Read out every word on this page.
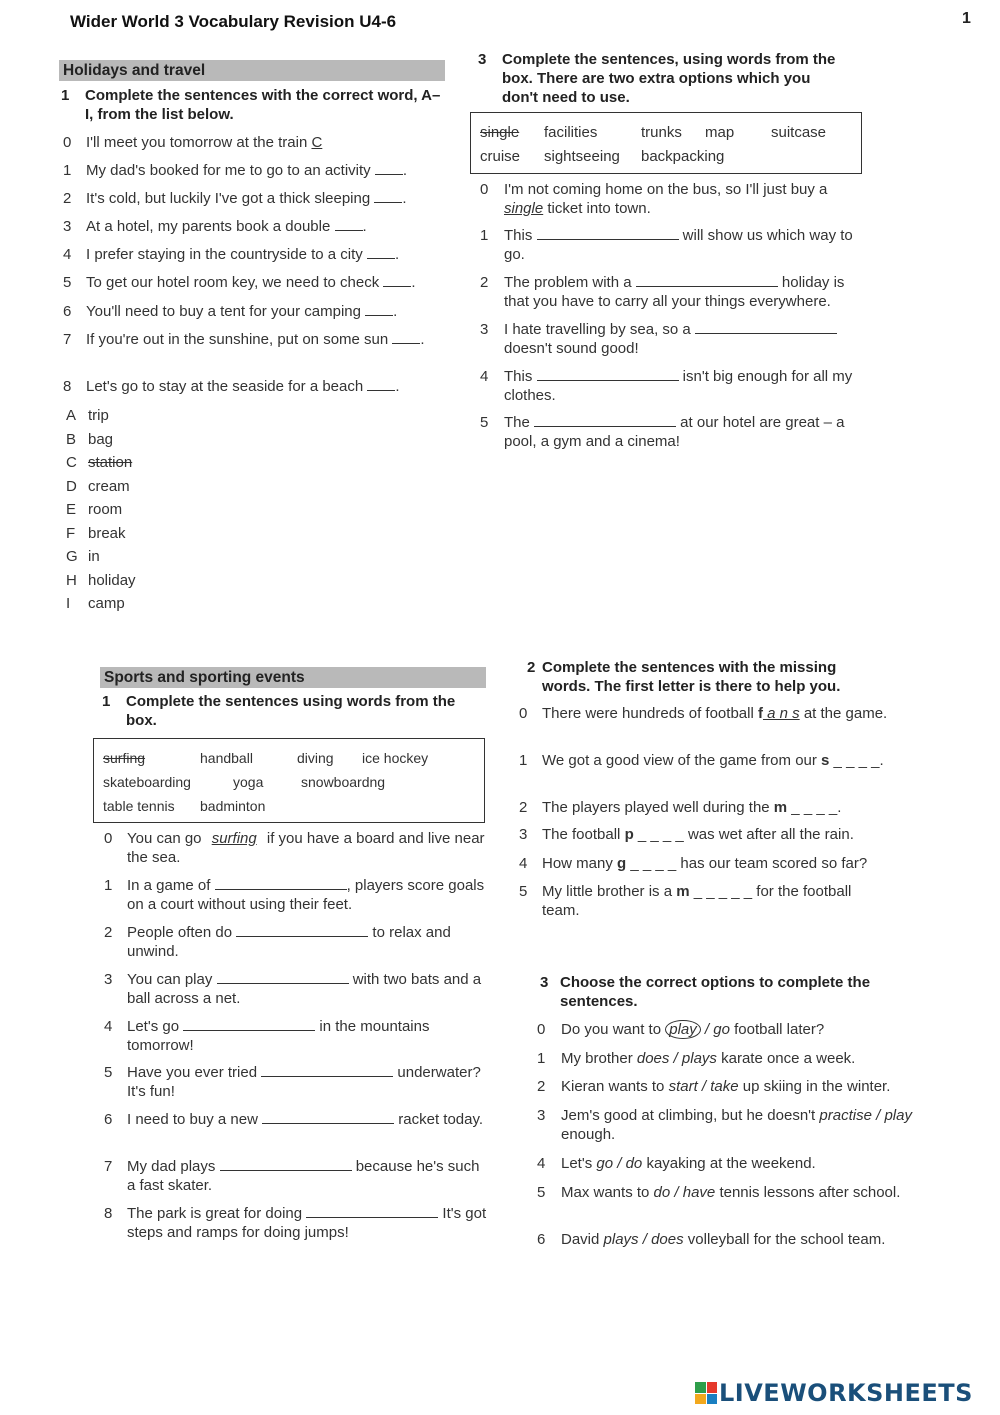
Wider World 3 Vocabulary Revision U4-6	1
Holidays and travel
1 Complete the sentences with the correct word, A–I, from the list below.
0 I'll meet you tomorrow at the train C
1 My dad's booked for me to go to an activity .
2 It's cold, but luckily I've got a thick sleeping .
3 At a hotel, my parents book a double .
4 I prefer staying in the countryside to a city .
5 To get our hotel room key, we need to check .
6 You'll need to buy a tent for your camping .
7 If you're out in the sunshine, put on some sun .
8 Let's go to stay at the seaside for a beach .
A trip
B bag
C station
D cream
E room
F break
G in
H holiday
I camp
3 Complete the sentences, using words from the box. There are two extra options which you don't need to use.
single facilities	trunks map suitcase
cruise sightseeing backpacking
0 I'm not coming home on the bus, so I'll just buy a single ticket into town.
1 This	will show us which way to go.
2 The problem with a	holiday is that you have to carry all your things everywhere.
3 I hate travelling by sea, so a  doesn't sound good!
4 This	isn't big enough for all my clothes.
5 The	at our hotel are great – a pool, a gym and a cinema!
Sports and sporting events
1 Complete the sentences using words from the box.
surfing	handball	diving ice hockey
skateboarding	yoga	snowboardng
table tennis badminton
0 You can go surfing if you have a board and live near the sea.
1 In a game of	, players score goals on a court without using their feet.
2 People often do	to relax and unwind.
3 You can play	with two bats and a ball across a net.
4 Let's go	in the mountains tomorrow!
5 Have you ever tried	underwater? It's fun!
6 I need to buy a new	racket today.
7 My dad plays	because he's such a fast skater.
8 The park is great for doing	It's got steps and ramps for doing jumps!
2 Complete the sentences with the missing words. The first letter is there to help you.
0 There were hundreds of football f a n s at the game.
1 We got a good view of the game from our s _ _ _ _.
2 The players played well during the m _ _ _ _.
3 The football p _ _ _ _ was wet after all the rain.
4 How many g _ _ _ _ has our team scored so far?
5 My little brother is a m _ _ _ _ _ for the football team.
3 Choose the correct options to complete the sentences.
0 Do you want to play / go football later?
1 My brother does / plays karate once a week.
2 Kieran wants to start / take up skiing in the winter.
3 Jem's good at climbing, but he doesn't practise / play enough.
4 Let's go / do kayaking at the weekend.
5 Max wants to do / have tennis lessons after school.
6 David plays / does volleyball for the school team.
LIVEWORKSHEETS
